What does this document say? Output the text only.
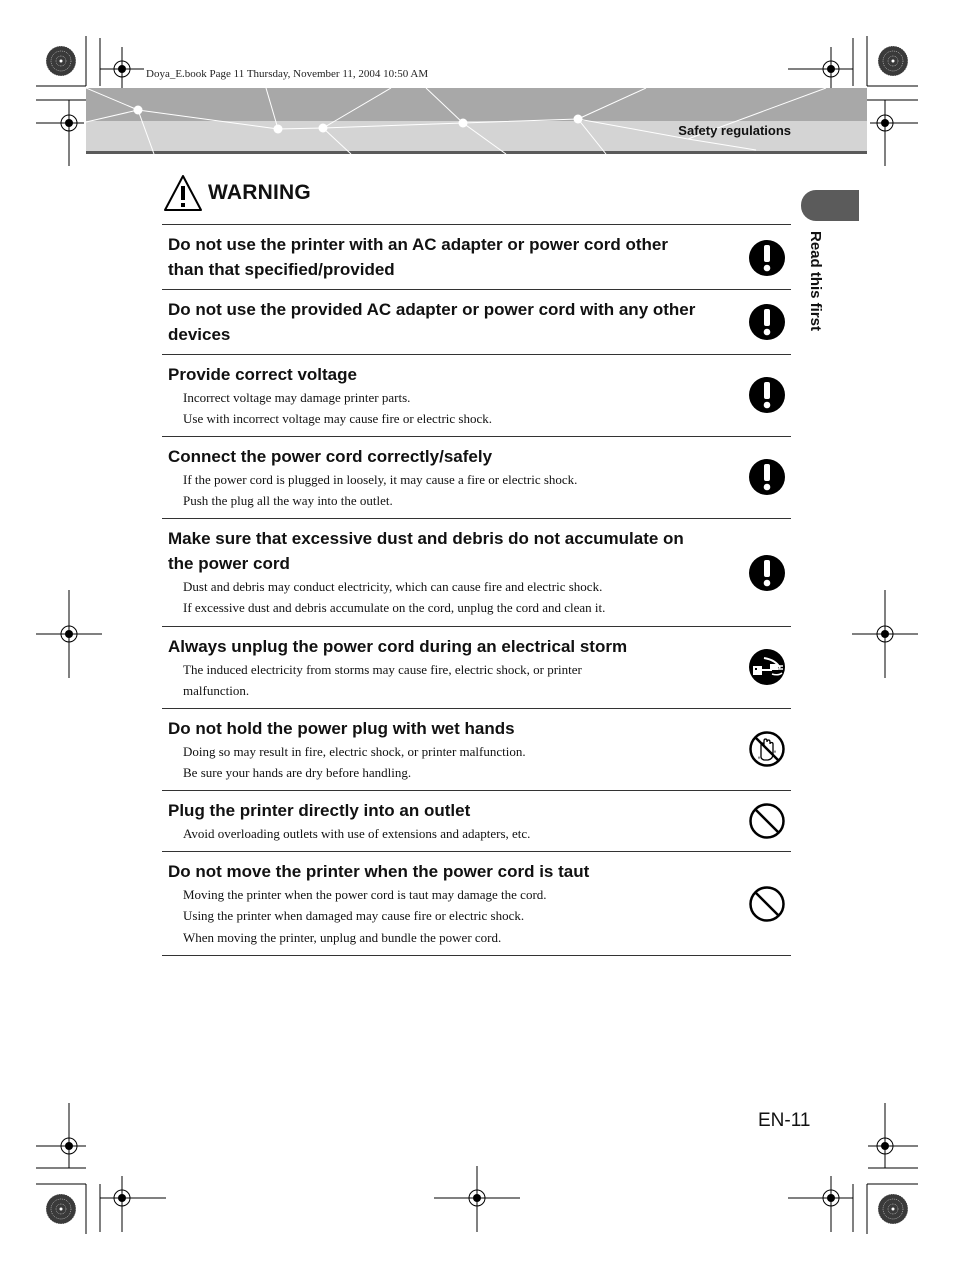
Doya_E.book Page 11 Thursday, November 11, 2004 10:50 AM
Safety regulations
Read this first
WARNING
Do not use the printer with an AC adapter or power cord other than that specified/provided
Do not use the provided AC adapter or power cord with any other devices
Provide correct voltage
Incorrect voltage may damage printer parts.
Use with incorrect voltage may cause fire or electric shock.
Connect the power cord correctly/safely
If the power cord is plugged in loosely, it may cause a fire or electric shock.
Push the plug all the way into the outlet.
Make sure that excessive dust and debris do not accumulate on the power cord
Dust and debris may conduct electricity, which can cause fire and electric shock.
If excessive dust and debris accumulate on the cord, unplug the cord and clean it.
Always unplug the power cord during an electrical storm
The induced electricity from storms may cause fire, electric shock, or printer malfunction.
Do not hold the power plug with wet hands
Doing so may result in fire, electric shock, or printer malfunction.
Be sure your hands are dry before handling.
Plug the printer directly into an outlet
Avoid overloading outlets with use of extensions and adapters, etc.
Do not move the printer when the power cord is taut
Moving the printer when the power cord is taut may damage the cord.
Using the printer when damaged may cause fire or electric shock.
When moving the printer, unplug and bundle the power cord.
EN-11
